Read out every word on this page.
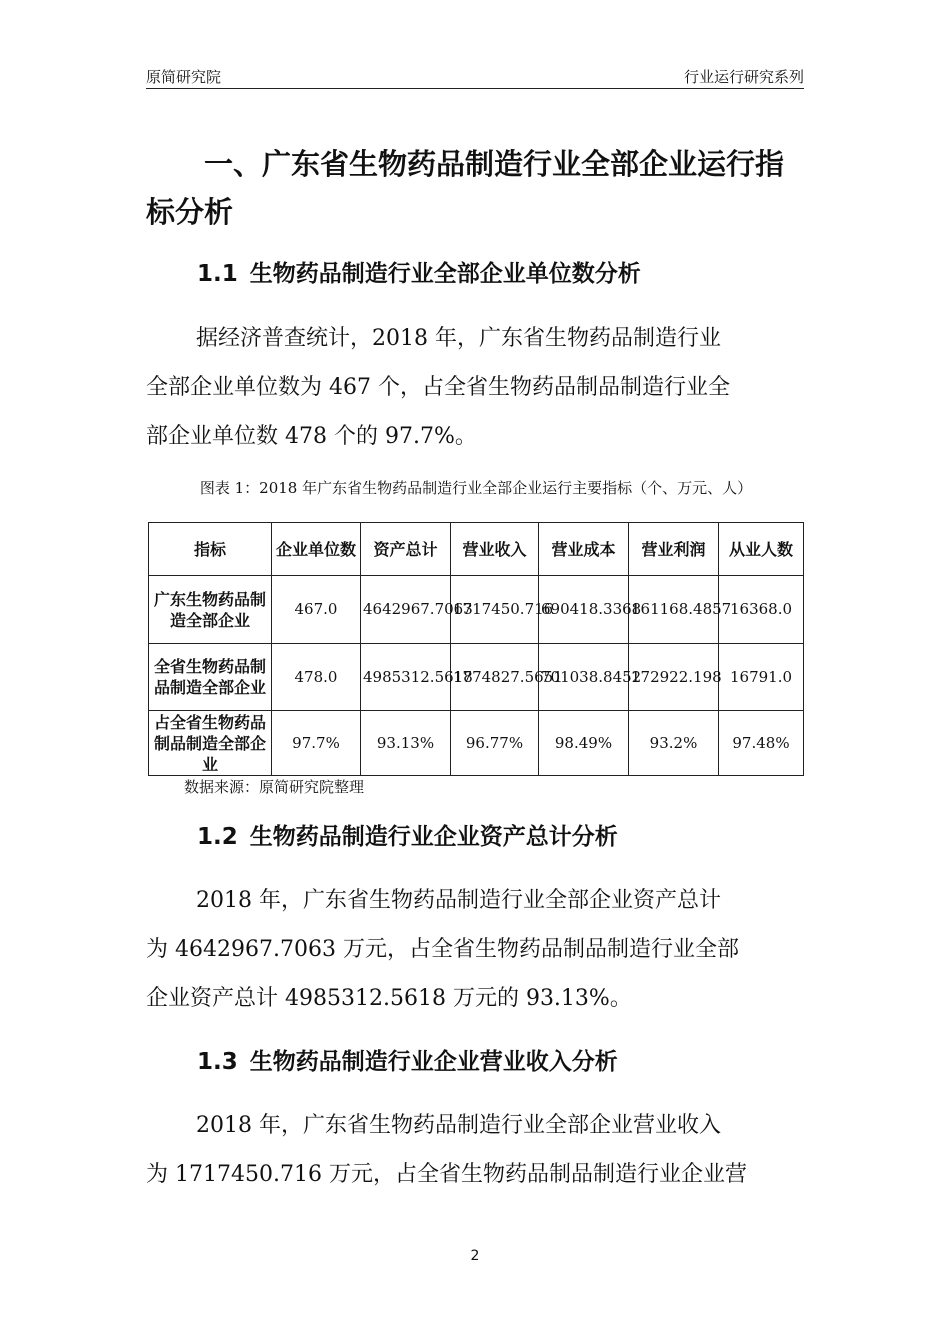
原简研究院	行业运行研究系列
一、广东省生物药品制造行业全部企业运行指标分析
1.1 生物药品制造行业全部企业单位数分析
据经济普查统计，2018 年，广东省生物药品制造行业
全部企业单位数为 467 个，占全省生物药品制品制造行业全
部企业单位数 478 个的 97.7%。
图表 1：2018 年广东省生物药品制造行业全部企业运行主要指标（个、万元、人）
指标	企业单位数	资产总计	营业收入	营业成本	营业利润	从业人数
广东生物药品制造全部企业	467.0	4642967.7063	1717450.716	690418.3368	161168.4857	16368.0
全省生物药品制品制造全部企业	478.0	4985312.5618	1774827.5651	701038.8452	172922.198	16791.0
占全省生物药品制品制造全部企业	97.7%	93.13%	96.77%	98.49%	93.2%	97.48%
数据来源：原简研究院整理
1.2 生物药品制造行业企业资产总计分析
2018 年，广东省生物药品制造行业全部企业资产总计
为 4642967.7063 万元，占全省生物药品制品制造行业全部
企业资产总计 4985312.5618 万元的 93.13%。
1.3 生物药品制造行业企业营业收入分析
2018 年，广东省生物药品制造行业全部企业营业收入
为 1717450.716 万元，占全省生物药品制品制造行业企业营
2
